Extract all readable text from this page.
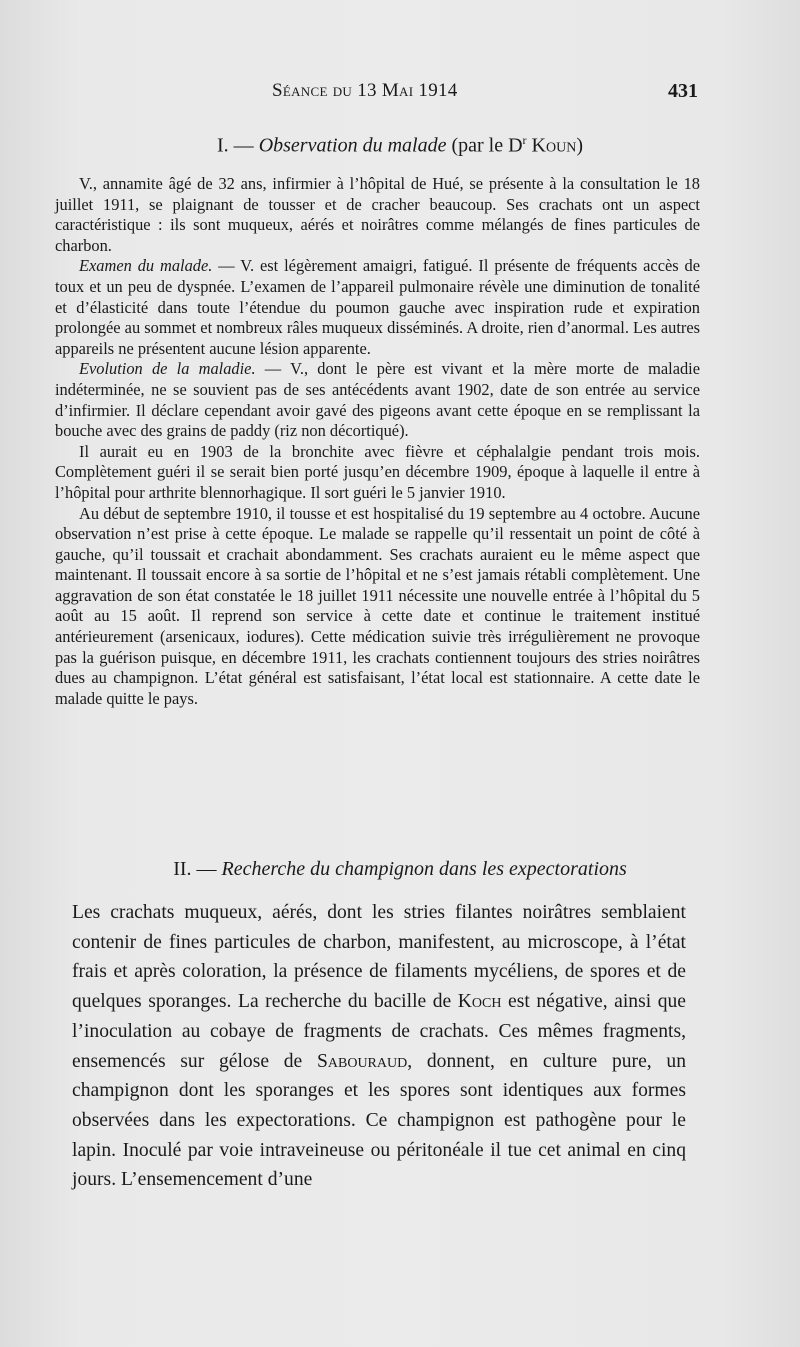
Séance du 13 Mai 1914	431
I. — Observation du malade (par le $D^r$ Koun)

V., annamite âgé de 32 ans, infirmier à l’hôpital de Hué, se présente à la consultation le 18 juillet 1911, se plaignant de tousser et de cracher beaucoup. Ses crachats ont un aspect caractéristique : ils sont muqueux, aérés et noirâtres comme mélangés de fines particules de charbon.

Examen du malade. — V. est légèrement amaigri, fatigué. Il présente de fréquents accès de toux et un peu de dyspnée. L’examen de l’appareil pulmonaire révèle une diminution de tonalité et d’élasticité dans toute l’étendue du poumon gauche avec inspiration rude et expiration prolongée au sommet et nombreux râles muqueux disséminés. A droite, rien d’anormal. Les autres appareils ne présentent aucune lésion apparente.

Evolution de la maladie. — V., dont le père est vivant et la mère morte de maladie indéterminée, ne se souvient pas de ses antécédents avant 1902, date de son entrée au service d’infirmier. Il déclare cependant avoir gavé des pigeons avant cette époque en se remplissant la bouche avec des grains de paddy (riz non décortiqué).

Il aurait eu en 1903 de la bronchite avec fièvre et céphalalgie pendant trois mois. Complètement guéri il se serait bien porté jusqu’en décembre 1909, époque à laquelle il entre à l’hôpital pour arthrite blennorhagique. Il sort guéri le 5 janvier 1910.

Au début de septembre 1910, il tousse et est hospitalisé du 19 septembre au 4 octobre. Aucune observation n’est prise à cette époque. Le malade se rappelle qu’il ressentait un point de côté à gauche, qu’il toussait et crachait abondamment. Ses crachats auraient eu le même aspect que maintenant. Il toussait encore à sa sortie de l’hôpital et ne s’est jamais rétabli complètement. Une aggravation de son état constatée le 18 juillet 1911 nécessite une nouvelle entrée à l’hôpital du 5 août au 15 août. Il reprend son service à cette date et continue le traitement institué antérieurement (arsenicaux, iodures). Cette médication suivie très irrégulièrement ne provoque pas la guérison puisque, en décembre 1911, les crachats contiennent toujours des stries noirâtres dues au champignon. L’état général est satisfaisant, l’état local est stationnaire. A cette date le malade quitte le pays.

II. — Recherche du champignon dans les expectorations

Les crachats muqueux, aérés, dont les stries filantes noirâtres semblaient contenir de fines particules de charbon, manifestent, au microscope, à l’état frais et après coloration, la présence de filaments mycéliens, de spores et de quelques sporanges. La recherche du bacille de Koch est négative, ainsi que l’inoculation au cobaye de fragments de crachats. Ces mêmes fragments, ensemencés sur gélose de Sabouraud, donnent, en culture pure, un champignon dont les sporanges et les spores sont identiques aux formes observées dans les expectorations. Ce champignon est pathogène pour le lapin. Inoculé par voie intraveineuse ou péritonéale il tue cet animal en cinq jours. L’ensemencement d’une
